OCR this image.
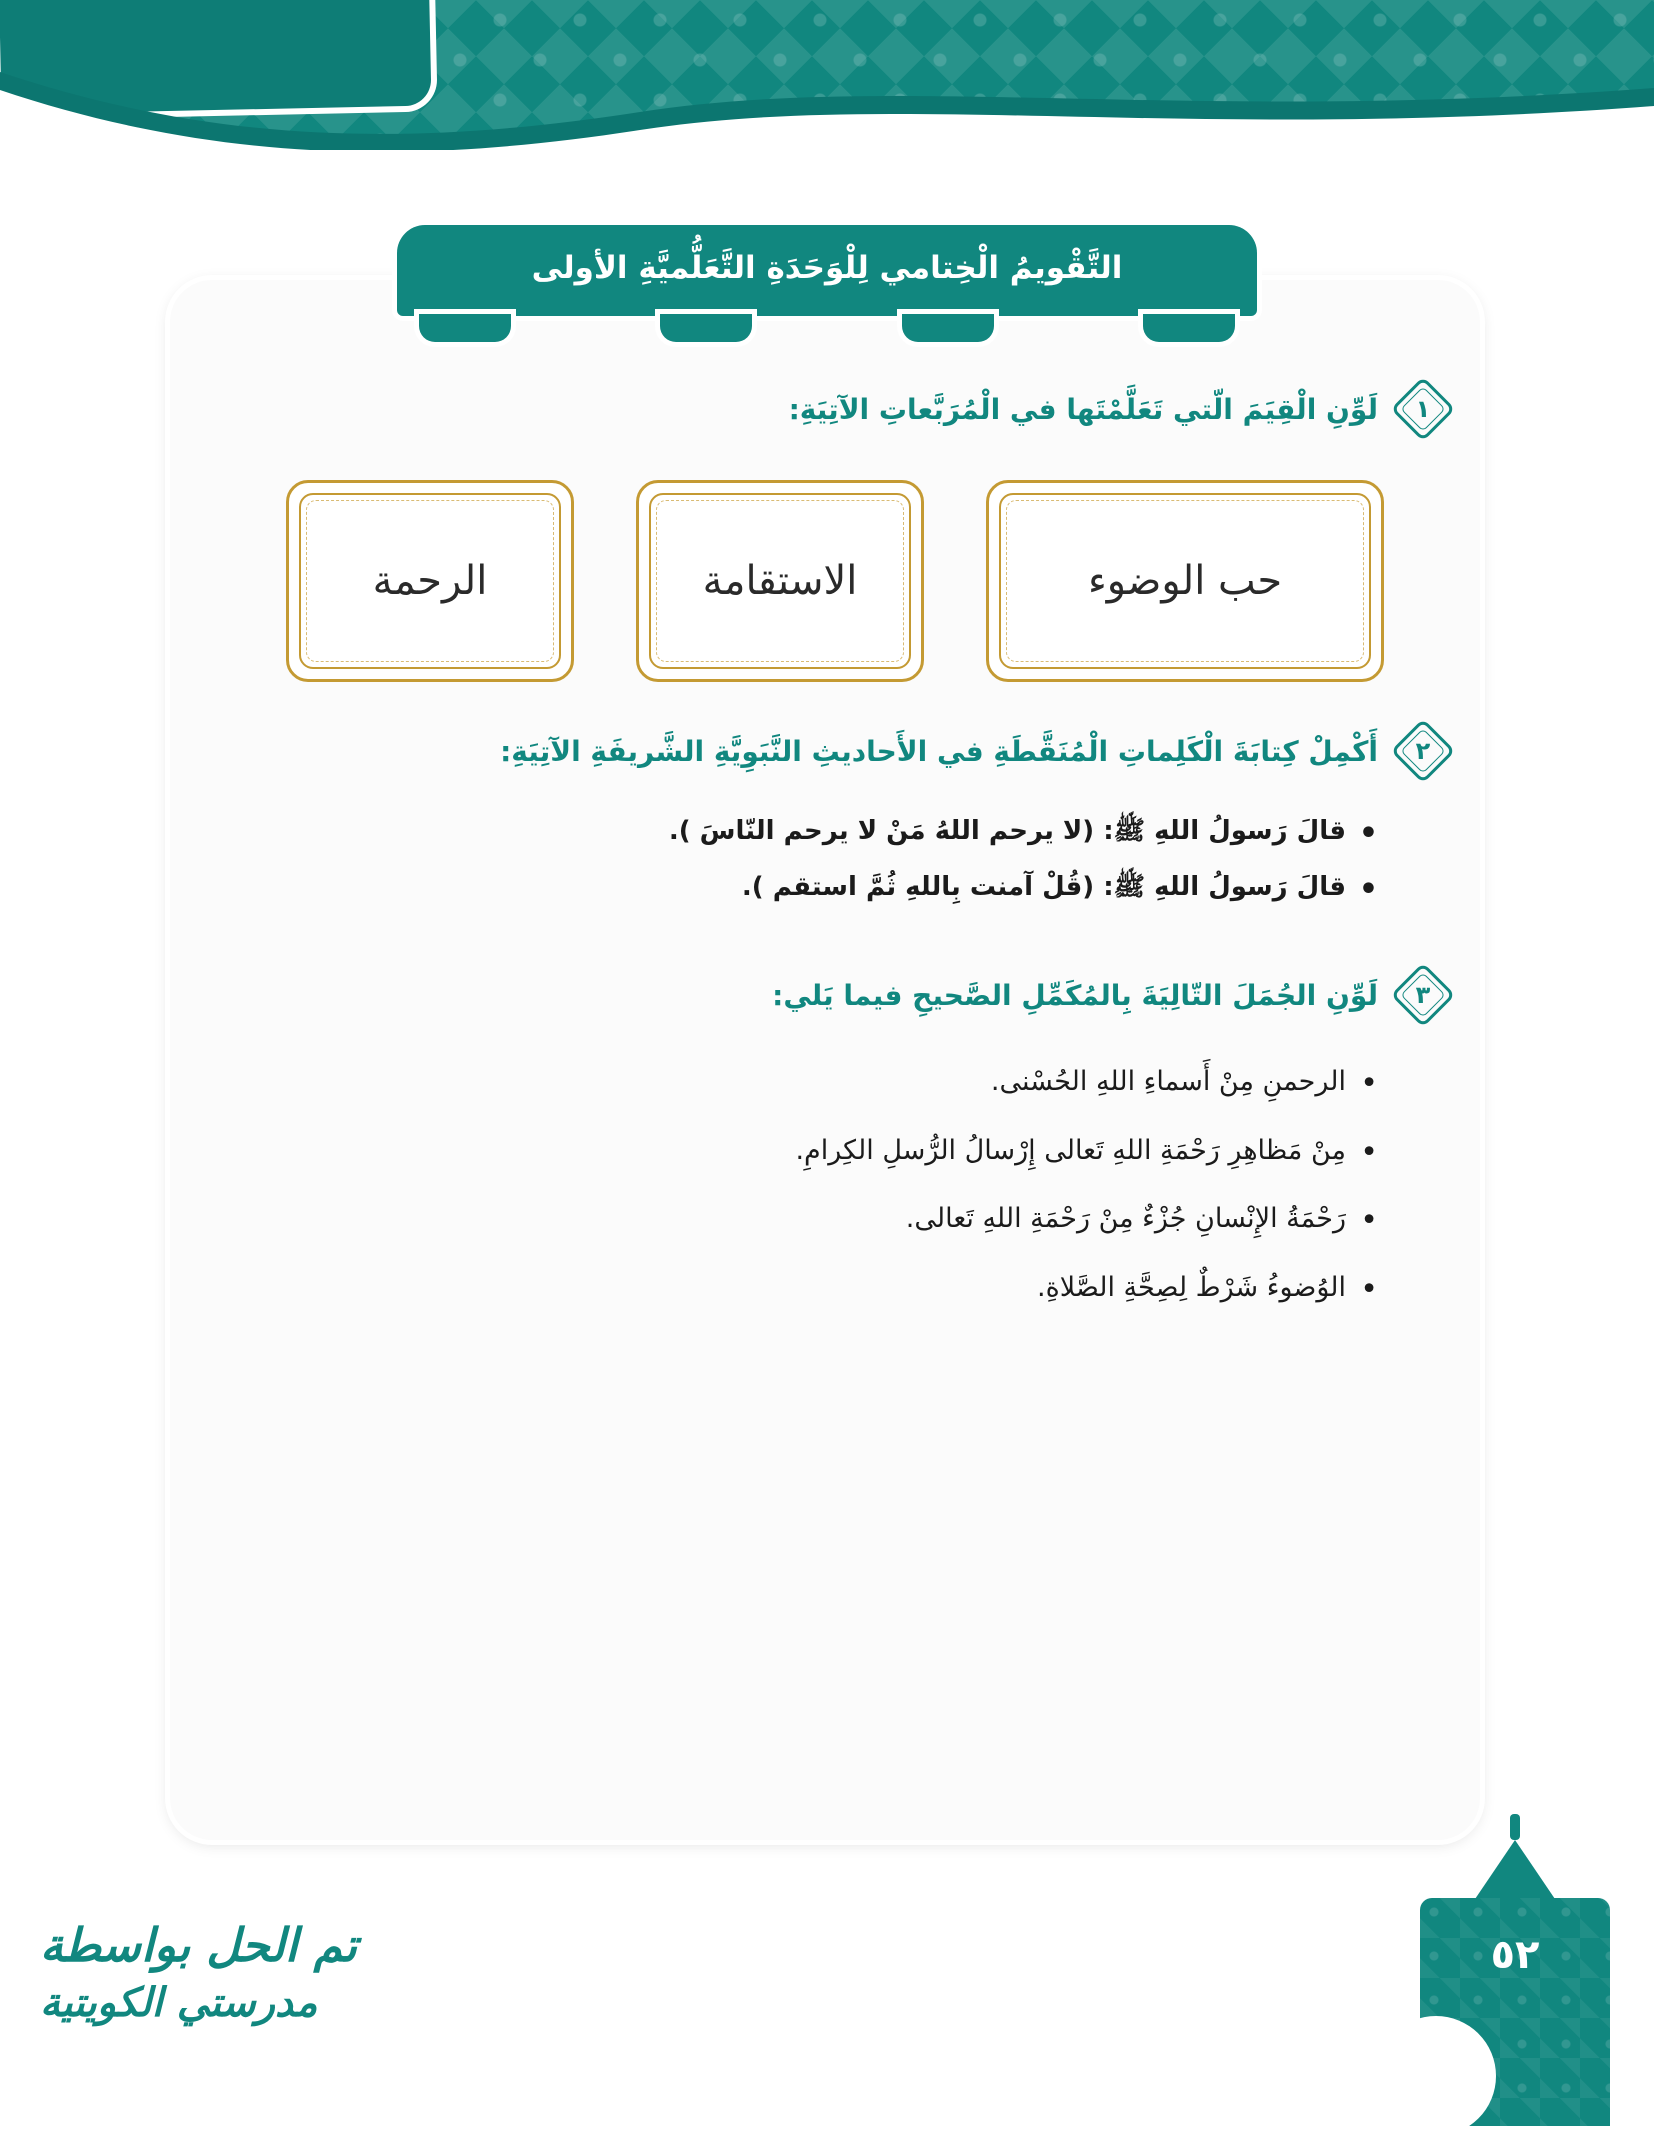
التَّقْويمُ الْخِتامي لِلْوَحَدَةِ التَّعَلُّميَّةِ الأولى
١
لَوِّنِ الْقِيَمَ الّتي تَعَلَّمْتَها في الْمُرَبَّعاتِ الآتِيَةِ:
حب الوضوء
الاستقامة
الرحمة
٢
أَكْمِلْ كِتابَةَ الْكَلِماتِ الْمُنَقَّطَةِ في الأَحاديثِ النَّبَوِيَّةِ الشَّريفَةِ الآتِيَةِ:
• قالَ رَسولُ اللهِ ﷺ: (لا يرحم اللهُ مَنْ لا يرحم النّاسَ ).
• قالَ رَسولُ اللهِ ﷺ: (قُلْ آمنت بِاللهِ ثُمَّ استقم ).
٣
لَوِّنِ الجُمَلَ التّالِيَةَ بِالمُكَمِّلِ الصَّحيحِ فيما يَلي:
• الرحمنِ مِنْ أَسماءِ اللهِ الحُسْنى.
• مِنْ مَظاهِرِ رَحْمَةِ اللهِ تَعالى إِرْسالُ الرُّسلِ الكِرامِ.
• رَحْمَةُ الإِنْسانِ جُزْءٌ مِنْ رَحْمَةِ اللهِ تَعالى.
• الوُضوءُ شَرْطٌ لِصِحَّةِ الصَّلاةِ.
٥٢
تم الحل بواسطة
مدرستي الكويتية
